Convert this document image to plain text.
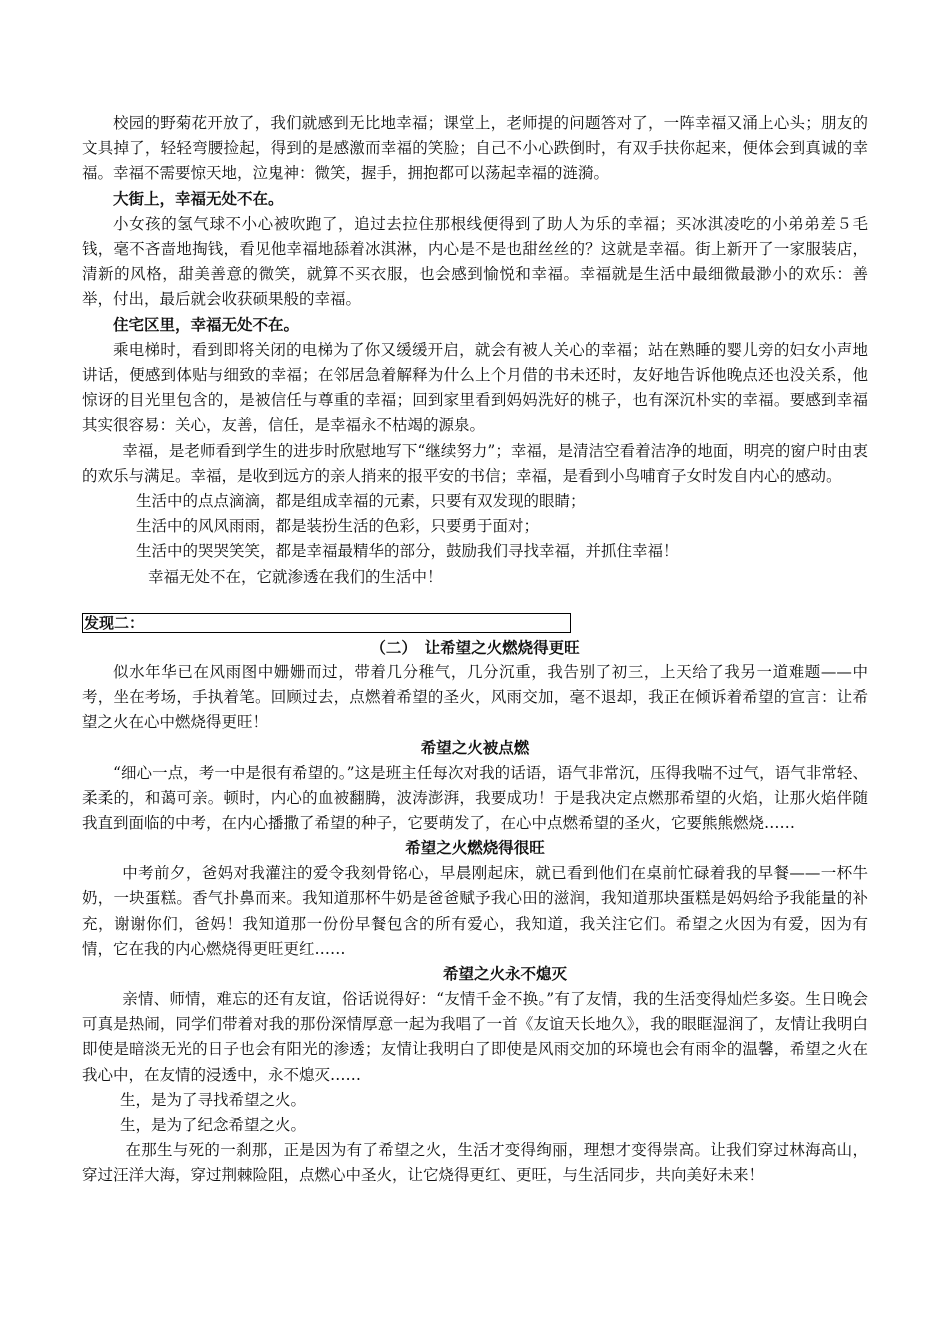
校园的野菊花开放了，我们就感到无比地幸福；课堂上，老师提的问题答对了，一阵幸福又涌上心头；朋友的文具掉了，轻轻弯腰捡起，得到的是感激而幸福的笑脸；自己不小心跌倒时，有双手扶你起来，便体会到真诚的幸福。幸福不需要惊天地，泣鬼神：微笑，握手，拥抱都可以荡起幸福的涟漪。

大街上，幸福无处不在。

小女孩的氢气球不小心被吹跑了，追过去拉住那根线便得到了助人为乐的幸福；买冰淇凌吃的小弟弟差５毛钱，毫不吝啬地掏钱，看见他幸福地舔着冰淇淋，内心是不是也甜丝丝的？这就是幸福。街上新开了一家服装店，清新的风格，甜美善意的微笑，就算不买衣服，也会感到愉悦和幸福。幸福就是生活中最细微最渺小的欢乐：善举，付出，最后就会收获硕果般的幸福。

住宅区里，幸福无处不在。

乘电梯时，看到即将关闭的电梯为了你又缓缓开启，就会有被人关心的幸福；站在熟睡的婴儿旁的妇女小声地讲话，便感到体贴与细致的幸福；在邻居急着解释为什么上个月借的书未还时，友好地告诉他晚点还也没关系，他惊讶的目光里包含的，是被信任与尊重的幸福；回到家里看到妈妈洗好的桃子，也有深沉朴实的幸福。要感到幸福其实很容易：关心，友善，信任，是幸福永不枯竭的源泉。

幸福，是老师看到学生的进步时欣慰地写下“继续努力”；幸福，是清洁空看着洁净的地面，明亮的窗户时由衷的欢乐与满足。幸福，是收到远方的亲人捎来的报平安的书信；幸福，是看到小鸟哺育子女时发自内心的感动。

生活中的点点滴滴，都是组成幸福的元素，只要有双发现的眼睛；

生活中的风风雨雨，都是装扮生活的色彩，只要勇于面对；

生活中的哭哭笑笑，都是幸福最精华的部分，鼓励我们寻找幸福，并抓住幸福！

幸福无处不在，它就渗透在我们的生活中！

发现二：
（二）　让希望之火燃烧得更旺

似水年华已在风雨图中姗姗而过，带着几分稚气，几分沉重，我告别了初三，上天给了我另一道难题——中考，坐在考场，手执着笔。回顾过去，点燃着希望的圣火，风雨交加，毫不退却，我正在倾诉着希望的宣言：让希望之火在心中燃烧得更旺！

希望之火被点燃

“细心一点，考一中是很有希望的。”这是班主任每次对我的话语，语气非常沉，压得我喘不过气，语气非常轻、柔柔的，和蔼可亲。顿时，内心的血被翻腾，波涛澎湃，我要成功！于是我决定点燃那希望的火焰，让那火焰伴随我直到面临的中考，在内心播撒了希望的种子，它要萌发了，在心中点燃希望的圣火，它要熊熊燃烧……

希望之火燃烧得很旺

中考前夕，爸妈对我灌注的爱令我刻骨铭心，早晨刚起床，就已看到他们在桌前忙碌着我的早餐——一杯牛奶，一块蛋糕。香气扑鼻而来。我知道那杯牛奶是爸爸赋予我心田的滋润，我知道那块蛋糕是妈妈给予我能量的补充，谢谢你们，爸妈！我知道那一份份早餐包含的所有爱心，我知道，我关注它们。希望之火因为有爱，因为有情，它在我的内心燃烧得更旺更红……

希望之火永不熄灭

亲情、师情，难忘的还有友谊，俗话说得好：“友情千金不换。”有了友情，我的生活变得灿烂多姿。生日晚会可真是热闹，同学们带着对我的那份深情厚意一起为我唱了一首《友谊天长地久》，我的眼眶湿润了，友情让我明白即使是暗淡无光的日子也会有阳光的渗透；友情让我明白了即使是风雨交加的环境也会有雨伞的温馨，希望之火在我心中，在友情的浸透中，永不熄灭……

生，是为了寻找希望之火。

生，是为了纪念希望之火。

在那生与死的一刹那，正是因为有了希望之火，生活才变得绚丽，理想才变得崇高。让我们穿过林海高山，穿过汪洋大海，穿过荆棘险阻，点燃心中圣火，让它烧得更红、更旺，与生活同步，共向美好未来！
